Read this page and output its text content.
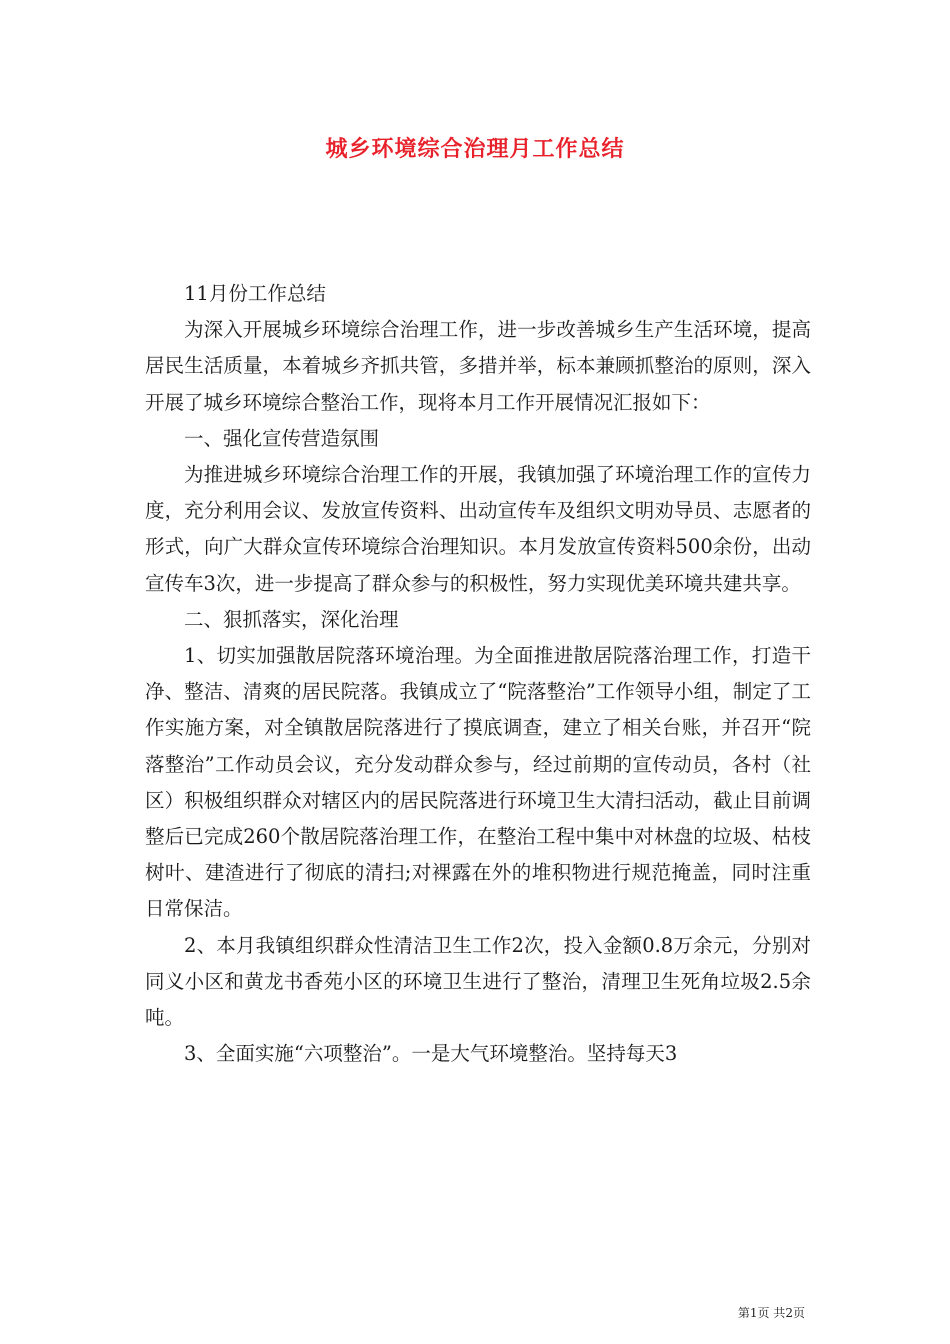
城乡环境综合治理月工作总结

11月份工作总结

为深入开展城乡环境综合治理工作，进一步改善城乡生产生活环境，提高居民生活质量，本着城乡齐抓共管，多措并举，标本兼顾抓整治的原则，深入开展了城乡环境综合整治工作，现将本月工作开展情况汇报如下：

一、强化宣传营造氛围

为推进城乡环境综合治理工作的开展，我镇加强了环境治理工作的宣传力度，充分利用会议、发放宣传资料、出动宣传车及组织文明劝导员、志愿者的形式，向广大群众宣传环境综合治理知识。本月发放宣传资料500余份，出动宣传车3次，进一步提高了群众参与的积极性，努力实现优美环境共建共享。

二、狠抓落实，深化治理

1、切实加强散居院落环境治理。为全面推进散居院落治理工作，打造干净、整洁、清爽的居民院落。我镇成立了“院落整治”工作领导小组，制定了工作实施方案，对全镇散居院落进行了摸底调查，建立了相关台账，并召开“院落整治”工作动员会议，充分发动群众参与，经过前期的宣传动员，各村（社区）积极组织群众对辖区内的居民院落进行环境卫生大清扫活动，截止目前调整后已完成260个散居院落治理工作，在整治工程中集中对林盘的垃圾、枯枝树叶、建渣进行了彻底的清扫;对裸露在外的堆积物进行规范掩盖，同时注重日常保洁。

2、本月我镇组织群众性清洁卫生工作2次，投入金额0.8万余元，分别对同义小区和黄龙书香苑小区的环境卫生进行了整治，清理卫生死角垃圾2.5余吨。

3、全面实施“六项整治”。一是大气环境整治。坚持每天3

第1页 共2页
